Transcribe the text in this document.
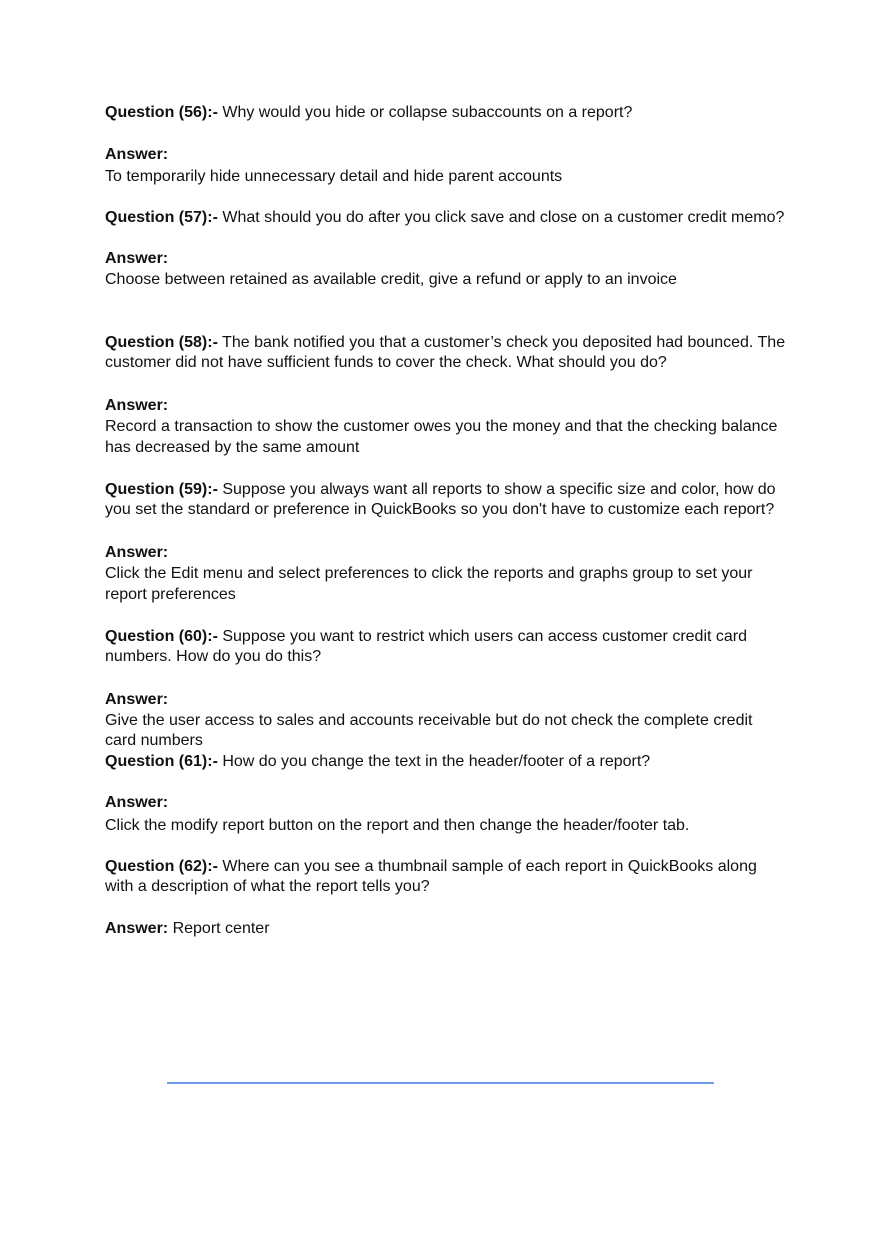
Question (56):- Why would you hide or collapse subaccounts on a report?
Answer:
To temporarily hide unnecessary detail and hide parent accounts
Question (57):- What should you do after you click save and close on a customer credit memo?
Answer:
Choose between retained as available credit, give a refund or apply to an invoice
Question (58):- The bank notified you that a customer’s check you deposited had bounced. The
customer did not have sufficient funds to cover the check. What should you do?
Answer:
Record a transaction to show the customer owes you the money and that the checking balance
has decreased by the same amount
Question (59):- Suppose you always want all reports to show a specific size and color, how do
you set the standard or preference in QuickBooks so you don't have to customize each report?
Answer:
Click the Edit menu and select preferences to click the reports and graphs group to set your
report preferences
Question (60):- Suppose you want to restrict which users can access customer credit card
numbers. How do you do this?
Answer:
Give the user access to sales and accounts receivable but do not check the complete credit
card numbers
Question (61):- How do you change the text in the header/footer of a report?
Answer:
Click the modify report button on the report and then change the header/footer tab.
Question (62):- Where can you see a thumbnail sample of each report in QuickBooks along
with a description of what the report tells you?
Answer: Report center
